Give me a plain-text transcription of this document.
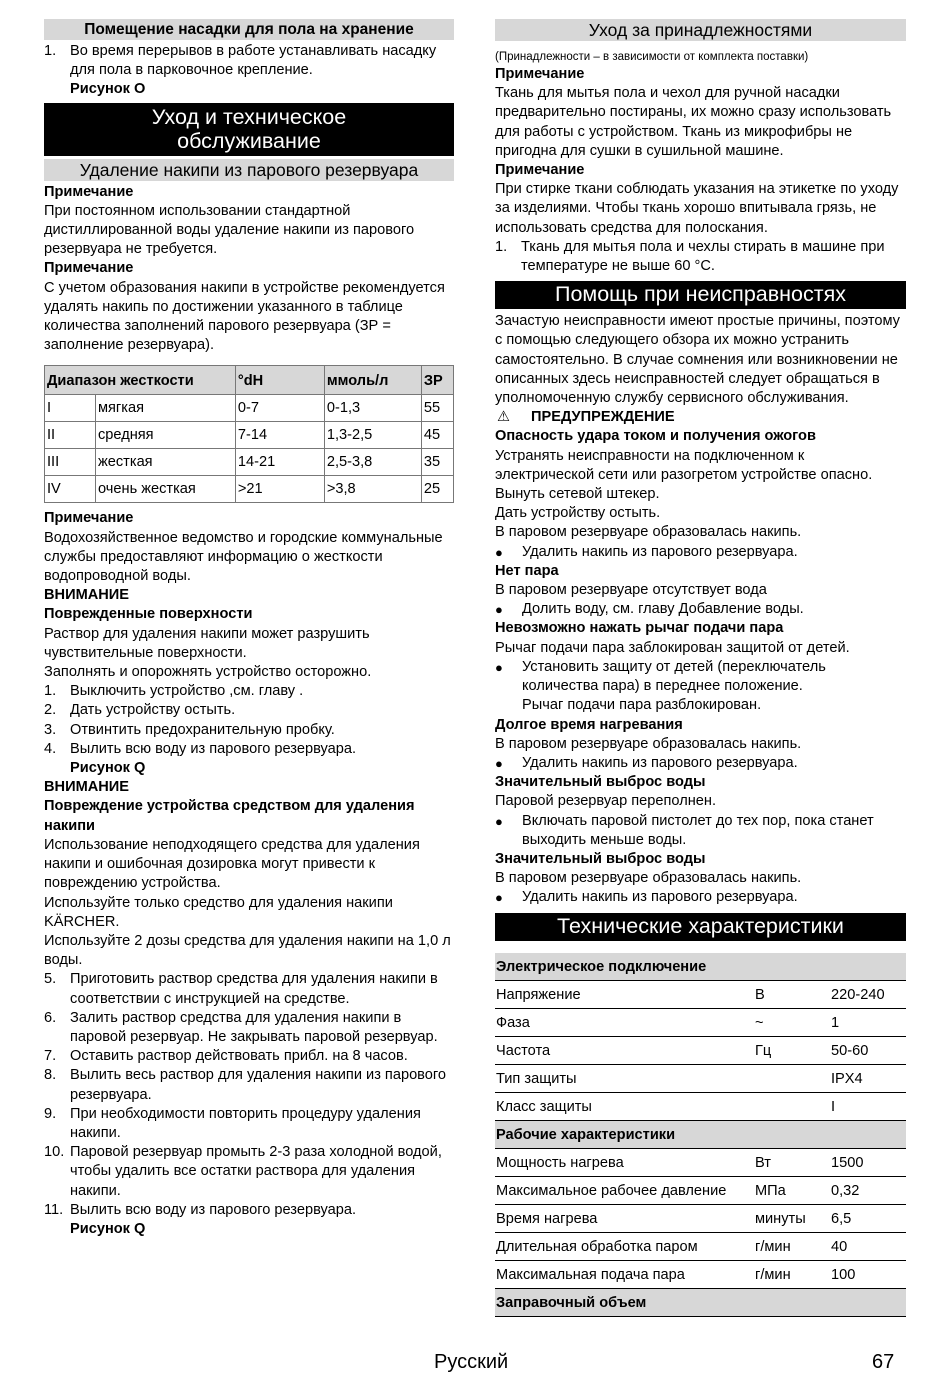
Помещение насадки для пола на хранение
1. Во время перерывов в работе устанавливать насадку для пола в парковочное крепление.
Рисунок O
Уход и техническое обслуживание
Удаление накипи из парового резервуара
Примечание
При постоянном использовании стандартной дистиллированной воды удаление накипи из парового резервуара не требуется.
Примечание
С учетом образования накипи в устройстве рекомендуется удалять накипь по достижении указанного в таблице количества заполнений парового резервуара (ЗР = заполнение резервуара).
Диапазон жесткости		°dH	ммоль/л	ЗР
I	мягкая	0-7	0-1,3	55
II	средняя	7-14	1,3-2,5	45
III	жесткая	14-21	2,5-3,8	35
IV	очень жесткая	>21	>3,8	25
Примечание
Водохозяйственное ведомство и городские коммунальные службы предоставляют информацию о жесткости водопроводной воды.
ВНИМАНИЕ
Поврежденные поверхности
Раствор для удаления накипи может разрушить чувствительные поверхности.
Заполнять и опорожнять устройство осторожно.
1. Выключить устройство ,см. главу .
2. Дать устройству остыть.
3. Отвинтить предохранительную пробку.
4. Вылить всю воду из парового резервуара.
Рисунок Q
ВНИМАНИЕ
Повреждение устройства средством для удаления накипи
Использование неподходящего средства для удаления накипи и ошибочная дозировка могут привести к повреждению устройства.
Используйте только средство для удаления накипи KÄRCHER.
Используйте 2 дозы средства для удаления накипи на 1,0 л воды.
5. Приготовить раствор средства для удаления накипи в соответствии с инструкцией на средстве.
6. Залить раствор средства для удаления накипи в паровой резервуар. Не закрывать паровой резервуар.
7. Оставить раствор действовать прибл. на 8 часов.
8. Вылить весь раствор для удаления накипи из парового резервуара.
9. При необходимости повторить процедуру удаления накипи.
10. Паровой резервуар промыть 2-3 раза холодной водой, чтобы удалить все остатки раствора для удаления накипи.
11. Вылить всю воду из парового резервуара.
Рисунок Q
Уход за принадлежностями
(Принадлежности – в зависимости от комплекта поставки)
Примечание
Ткань для мытья пола и чехол для ручной насадки предварительно постираны, их можно сразу использовать для работы с устройством. Ткань из микрофибры не пригодна для сушки в сушильной машине.
Примечание
При стирке ткани соблюдать указания на этикетке по уходу за изделиями. Чтобы ткань хорошо впитывала грязь, не использовать средства для полоскания.
1. Ткань для мытья пола и чехлы стирать в машине при температуре не выше 60 °C.
Помощь при неисправностях
Зачастую неисправности имеют простые причины, поэтому с помощью следующего обзора их можно устранить самостоятельно. В случае сомнения или возникновении не описанных здесь неисправностей следует обращаться в уполномоченную службу сервисного обслуживания.
⚠ ПРЕДУПРЕЖДЕНИЕ
Опасность удара током и получения ожогов
Устранять неисправности на подключенном к электрической сети или разогретом устройстве опасно.
Вынуть сетевой штекер.
Дать устройству остыть.
В паровом резервуаре образовалась накипь.
●	Удалить накипь из парового резервуара.
Нет пара
В паровом резервуаре отсутствует вода
●	Долить воду, см. главу Добавление воды.
Невозможно нажать рычаг подачи пара
Рычаг подачи пара заблокирован защитой от детей.
●	Установить защиту от детей (переключатель количества пара) в переднее положение.
Рычаг подачи пара разблокирован.
Долгое время нагревания
В паровом резервуаре образовалась накипь.
●	Удалить накипь из парового резервуара.
Значительный выброс воды
Паровой резервуар переполнен.
●	Включать паровой пистолет до тех пор, пока станет выходить меньше воды.
Значительный выброс воды
В паровом резервуаре образовалась накипь.
●	Удалить накипь из парового резервуара.
Технические характеристики
Электрическое подключение		
Напряжение	В	220-240
Фаза	~	1
Частота	Гц	50-60
Тип защиты		IPX4
Класс защиты		I
Рабочие характеристики		
Мощность нагрева	Вт	1500
Максимальное рабочее давление	МПа	0,32
Время нагрева	минуты	6,5
Длительная обработка паром	г/мин	40
Максимальная подача пара	г/мин	100
Заправочный объем		
Русский	67
